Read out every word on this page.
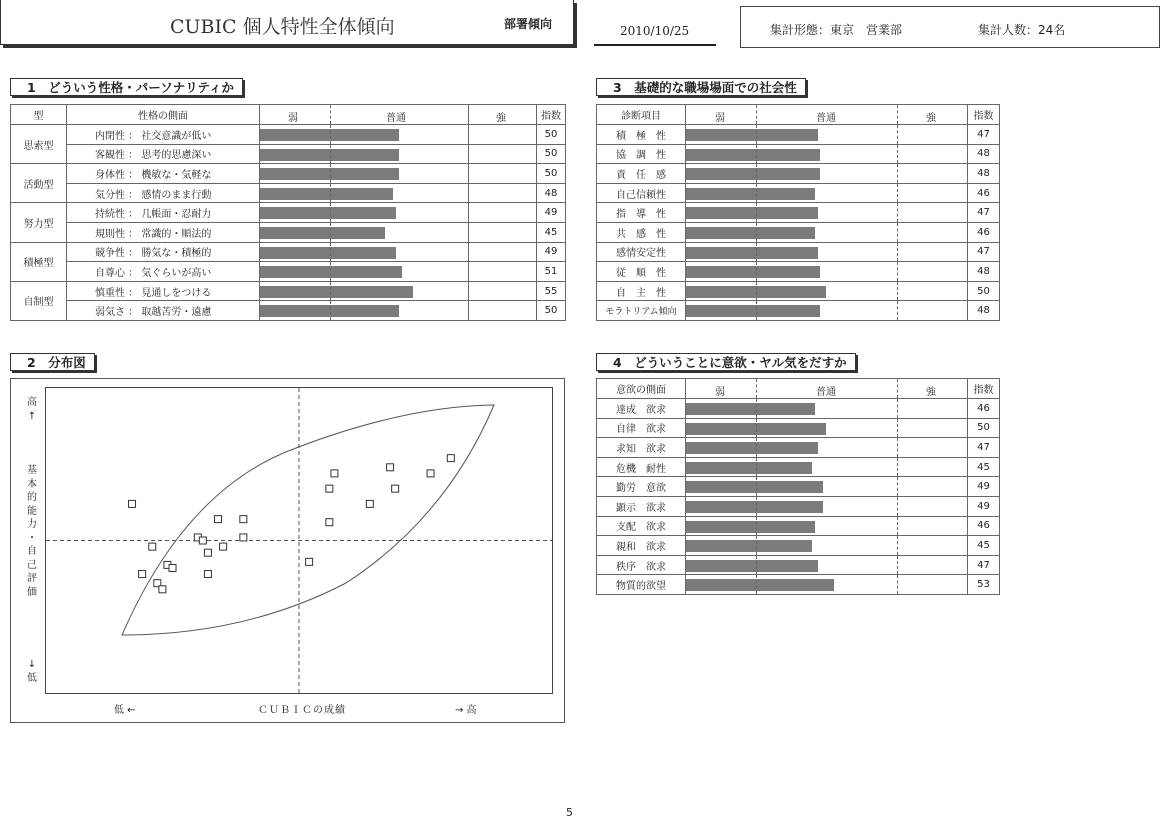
CUBIC 個人特性全体傾向	部署傾向	2010/10/25	集計形態：東京　営業部	集計人数：24名
1　どういう性格・パーソナリティか
型	性格の側面	弱 普通 強	指数
思索型	内閉性 ： 社交意識が低い		50
	客観性 ： 思考的思慮深い		50
活動型	身体性 ： 機敏な・気軽な		50
	気分性 ： 感情のまま行動		48
努力型	持続性 ： 几帳面・忍耐力		49
	規則性 ： 常識的・順法的		45
積極型	競争性 ： 勝気な・積極的		49
	自尊心 ： 気ぐらいが高い		51
自制型	慎重性 ： 見通しをつける		55
	弱気さ ： 取越苦労・遠慮		50
3　基礎的な職場場面での社会性
診断項目	弱 普通 強	指数
積　極　性		47
協　調　性		48
責　任　感		48
自己信頼性		46
指　導　性		47
共　感　性		46
感情安定性		47
従　順　性		48
自　主　性		50
モラトリアム傾向		48
2　分布図
高↑
基
本
的
能
力
・
自
己
評
価
↓低
低 ←	ＣＵＢＩＣの成績	→ 高
4　どういうことに意欲・ヤル気をだすか
意欲の側面	弱 普通 強	指数
達成　欲求		46
自律　欲求		50
求知　欲求		47
危機　耐性		45
勤労　意欲		49
顕示　欲求		49
支配　欲求		46
親和　欲求		45
秩序　欲求		47
物質的欲望		53
5
